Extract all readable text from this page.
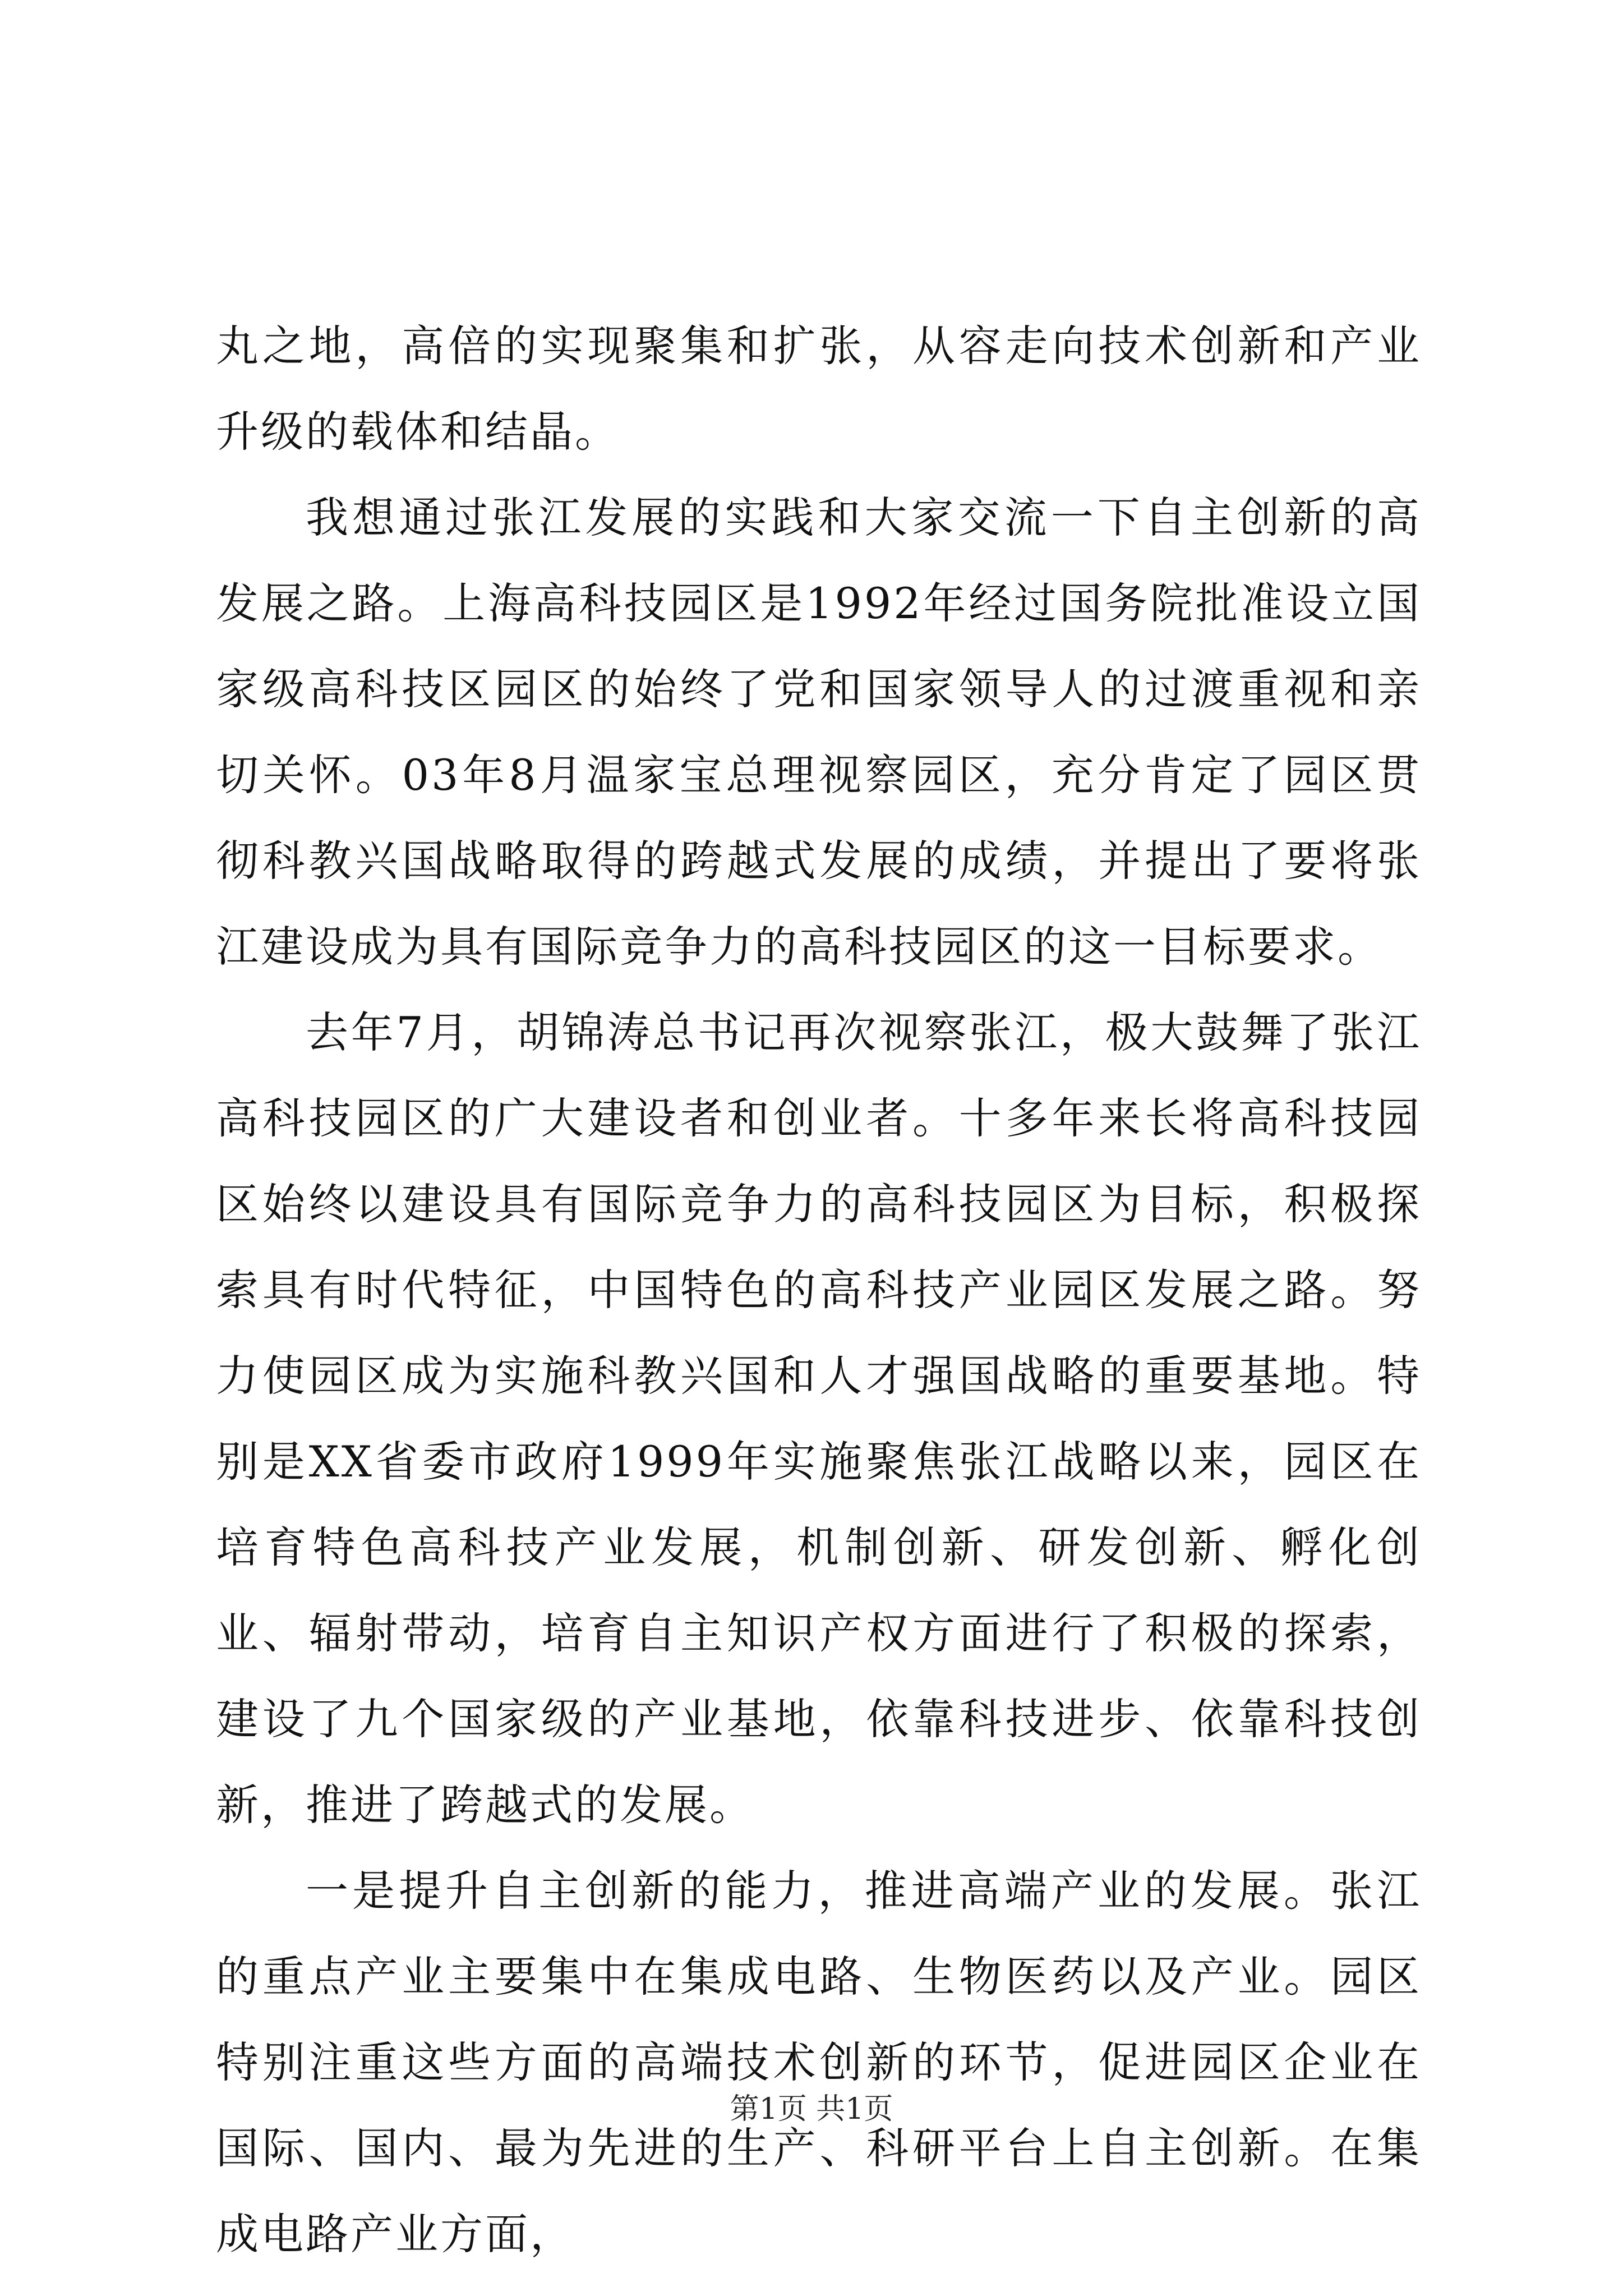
丸之地，高倍的实现聚集和扩张，从容走向技术创新和产业升级的载体和结晶。

我想通过张江发展的实践和大家交流一下自主创新的高发展之路。上海高科技园区是1992年经过国务院批准设立国家级高科技区园区的始终了党和国家领导人的过渡重视和亲切关怀。03年8月温家宝总理视察园区，充分肯定了园区贯彻科教兴国战略取得的跨越式发展的成绩，并提出了要将张江建设成为具有国际竞争力的高科技园区的这一目标要求。

去年7月，胡锦涛总书记再次视察张江，极大鼓舞了张江高科技园区的广大建设者和创业者。十多年来长将高科技园区始终以建设具有国际竞争力的高科技园区为目标，积极探索具有时代特征，中国特色的高科技产业园区发展之路。努力使园区成为实施科教兴国和人才强国战略的重要基地。特别是XX省委市政府1999年实施聚焦张江战略以来，园区在培育特色高科技产业发展，机制创新、研发创新、孵化创业、辐射带动，培育自主知识产权方面进行了积极的探索，建设了九个国家级的产业基地，依靠科技进步、依靠科技创新，推进了跨越式的发展。

一是提升自主创新的能力，推进高端产业的发展。张江的重点产业主要集中在集成电路、生物医药以及产业。园区特别注重这些方面的高端技术创新的环节，促进园区企业在国际、国内、最为先进的生产、科研平台上自主创新。在集成电路产业方面，

第1页 共1页
